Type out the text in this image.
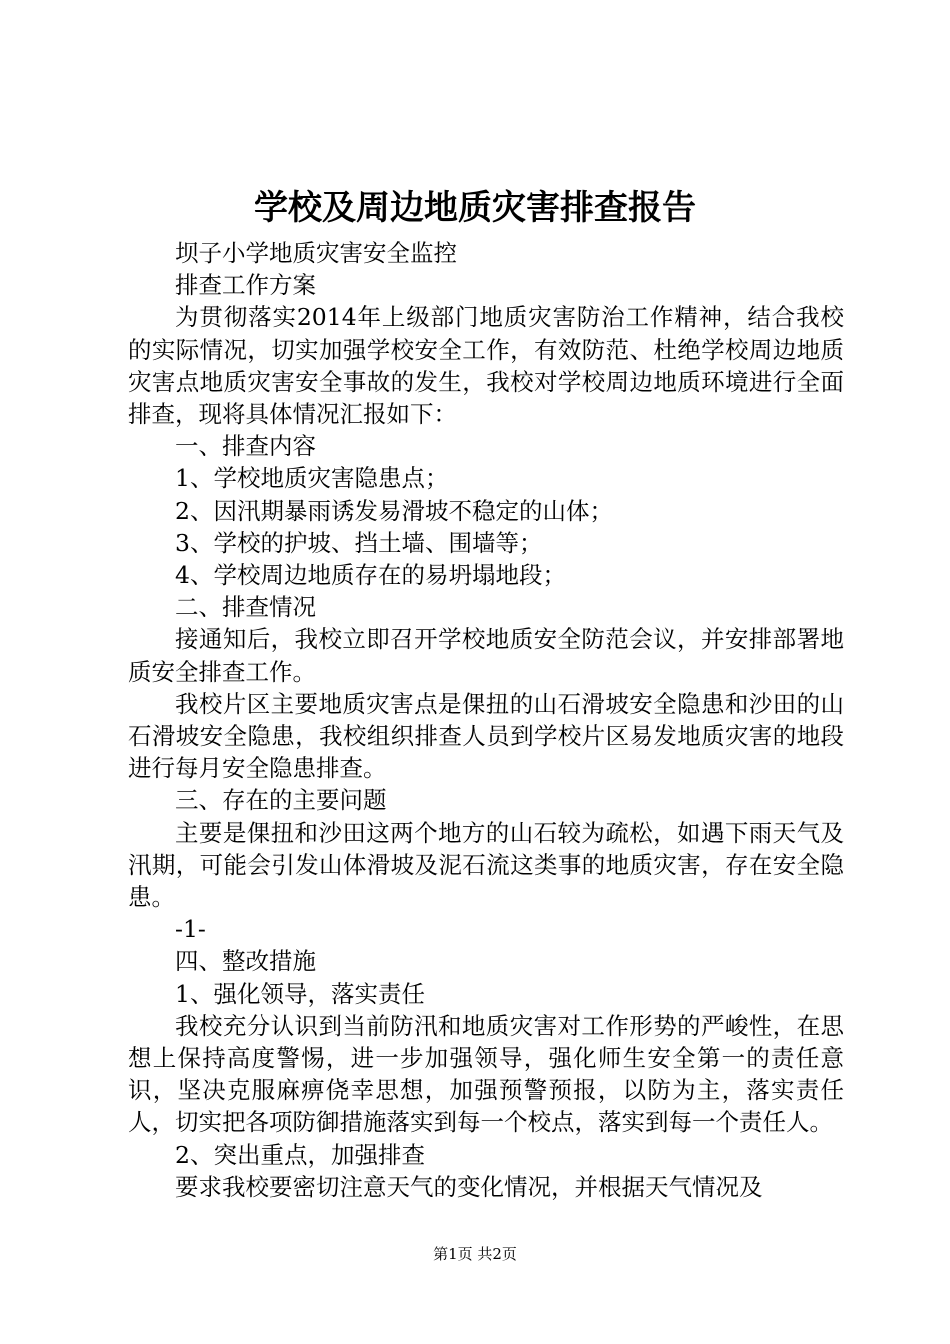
学校及周边地质灾害排查报告

坝子小学地质灾害安全监控

排查工作方案

为贯彻落实2014年上级部门地质灾害防治工作精神，结合我校的实际情况，切实加强学校安全工作，有效防范、杜绝学校周边地质灾害点地质灾害安全事故的发生，我校对学校周边地质环境进行全面排查，现将具体情况汇报如下：

一、排查内容

1、学校地质灾害隐患点；

2、因汛期暴雨诱发易滑坡不稳定的山体；

3、学校的护坡、挡土墙、围墙等；

4、学校周边地质存在的易坍塌地段；

二、排查情况

接通知后，我校立即召开学校地质安全防范会议，并安排部署地质安全排查工作。

我校片区主要地质灾害点是倮扭的山石滑坡安全隐患和沙田的山石滑坡安全隐患，我校组织排查人员到学校片区易发地质灾害的地段进行每月安全隐患排查。

三、存在的主要问题

主要是倮扭和沙田这两个地方的山石较为疏松，如遇下雨天气及汛期，可能会引发山体滑坡及泥石流这类事的地质灾害，存在安全隐患。

-1-

四、整改措施

1、强化领导，落实责任

我校充分认识到当前防汛和地质灾害对工作形势的严峻性，在思想上保持高度警惕，进一步加强领导，强化师生安全第一的责任意识，坚决克服麻痹侥幸思想，加强预警预报，以防为主，落实责任人，切实把各项防御措施落实到每一个校点，落实到每一个责任人。

2、突出重点，加强排查

要求我校要密切注意天气的变化情况，并根据天气情况及

第1页 共2页
